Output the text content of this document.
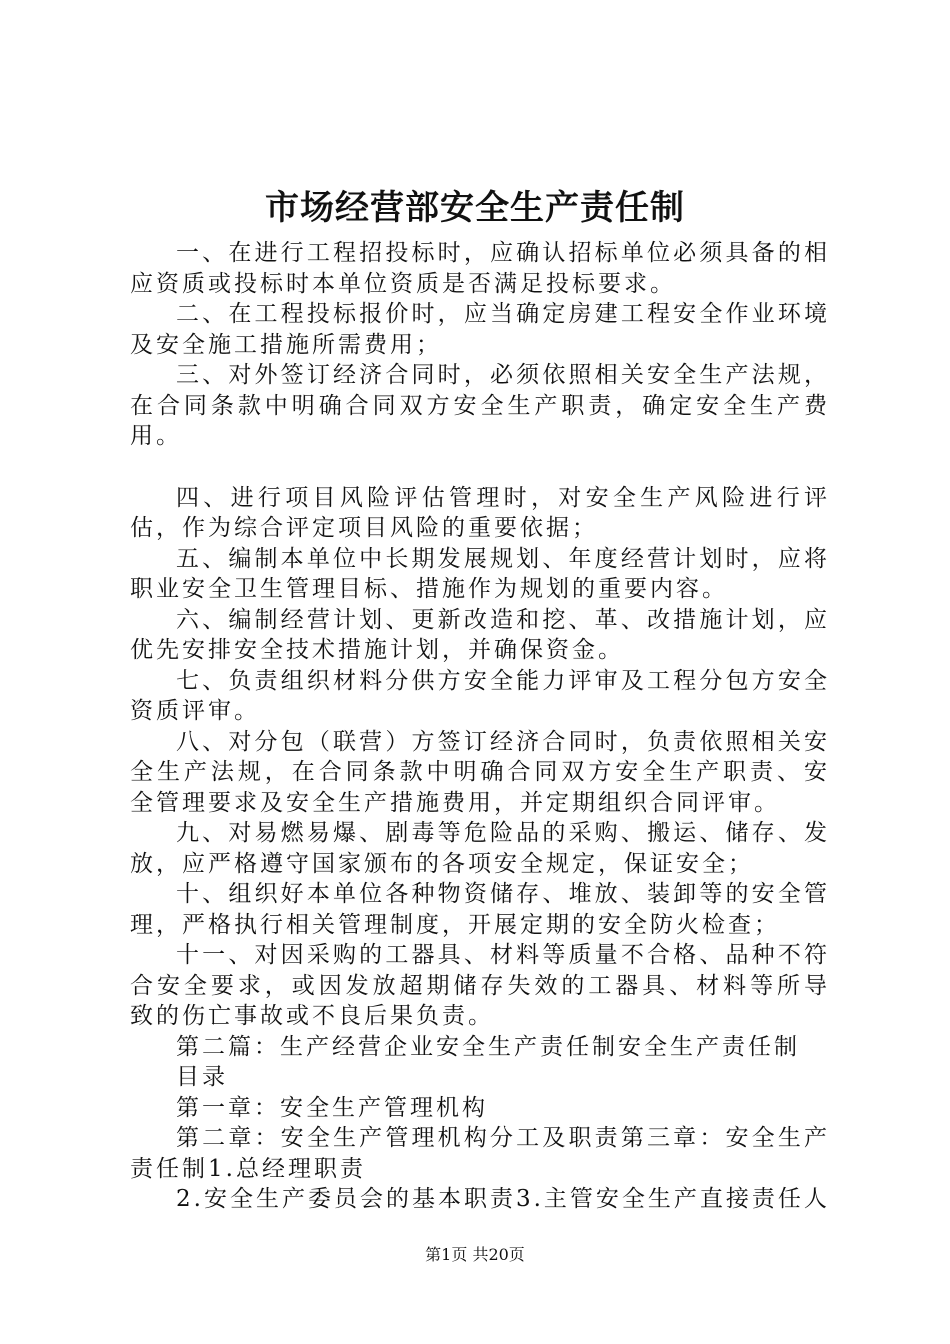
市场经营部安全生产责任制

一、在进行工程招投标时，应确认招标单位必须具备的相应资质或投标时本单位资质是否满足投标要求。

二、在工程投标报价时，应当确定房建工程安全作业环境及安全施工措施所需费用；

三、对外签订经济合同时，必须依照相关安全生产法规，在合同条款中明确合同双方安全生产职责，确定安全生产费用。

四、进行项目风险评估管理时，对安全生产风险进行评估，作为综合评定项目风险的重要依据；

五、编制本单位中长期发展规划、年度经营计划时，应将职业安全卫生管理目标、措施作为规划的重要内容。

六、编制经营计划、更新改造和挖、革、改措施计划，应优先安排安全技术措施计划，并确保资金。

七、负责组织材料分供方安全能力评审及工程分包方安全资质评审。

八、对分包（联营）方签订经济合同时，负责依照相关安全生产法规，在合同条款中明确合同双方安全生产职责、安全管理要求及安全生产措施费用，并定期组织合同评审。

九、对易燃易爆、剧毒等危险品的采购、搬运、储存、发放，应严格遵守国家颁布的各项安全规定，保证安全；

十、组织好本单位各种物资储存、堆放、装卸等的安全管理，严格执行相关管理制度，开展定期的安全防火检查；

十一、对因采购的工器具、材料等质量不合格、品种不符合安全要求，或因发放超期储存失效的工器具、材料等所导致的伤亡事故或不良后果负责。

第二篇：生产经营企业安全生产责任制安全生产责任制

目录

第一章：安全生产管理机构

第二章：安全生产管理机构分工及职责第三章：安全生产责任制1.总经理职责

2.安全生产委员会的基本职责3.主管安全生产直接责任人

第1页 共20页
